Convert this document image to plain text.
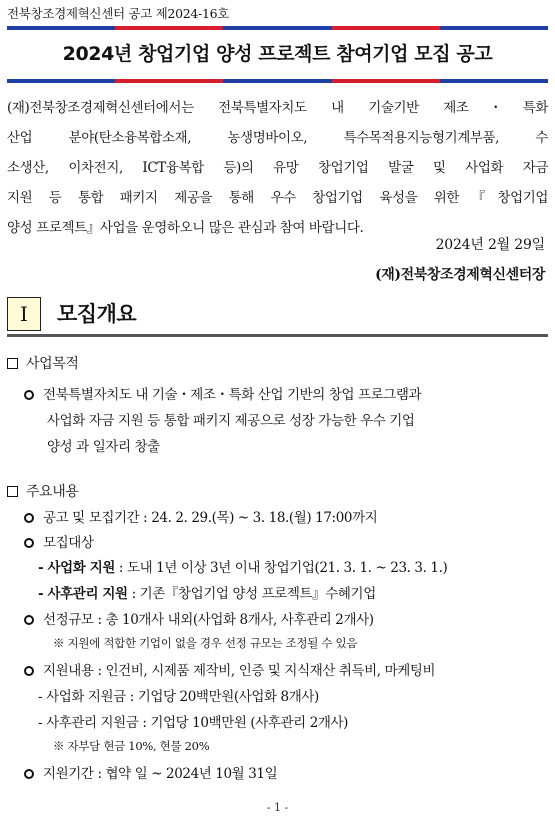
전북창조경제혁신센터 공고 제2024-16호
2024년 창업기업 양성 프로젝트 참여기업 모집 공고
(재)전북창조경제혁신센터에서는 전북특별자치도 내 기술기반 제조・특화
산업 분야(탄소융복합소재, 농생명바이오, 특수목적용지능형기계부품, 수
소생산, 이차전지, ICT융복합 등)의 유망 창업기업 발굴 및 사업화 자금
지원 등 통합 패키지 제공을 통해 우수 창업기업 육성을 위한『창업기업
양성 프로젝트』사업을 운영하오니 많은 관심과 참여 바랍니다.
2024년 2월 29일
(재)전북창조경제혁신센터장
Ⅰ 모집개요
사업목적
전북특별자치도 내 기술・제조・특화 산업 기반의 창업 프로그램과
사업화 자금 지원 등 통합 패키지 제공으로 성장 가능한 우수 기업
양성 과 일자리 창출
주요내용
공고 및 모집기간 : 24. 2. 29.(목) ~ 3. 18.(월) 17:00까지
모집대상
- 사업화 지원 : 도내 1년 이상 3년 이내 창업기업(21. 3. 1. ~ 23. 3. 1.)
- 사후관리 지원 : 기존『창업기업 양성 프로젝트』수혜기업
선정규모 : 총 10개사 내외(사업화 8개사, 사후관리 2개사)
※ 지원에 적합한 기업이 없을 경우 선정 규모는 조정될 수 있음
지원내용 : 인건비, 시제품 제작비, 인증 및 지식재산 취득비, 마케팅비
- 사업화 지원금 : 기업당 20백만원(사업화 8개사)
- 사후관리 지원금 : 기업당 10백만원 (사후관리 2개사)
※ 자부담 현금 10%, 현물 20%
지원기간 : 협약 일 ~ 2024년 10월 31일
- 1 -
